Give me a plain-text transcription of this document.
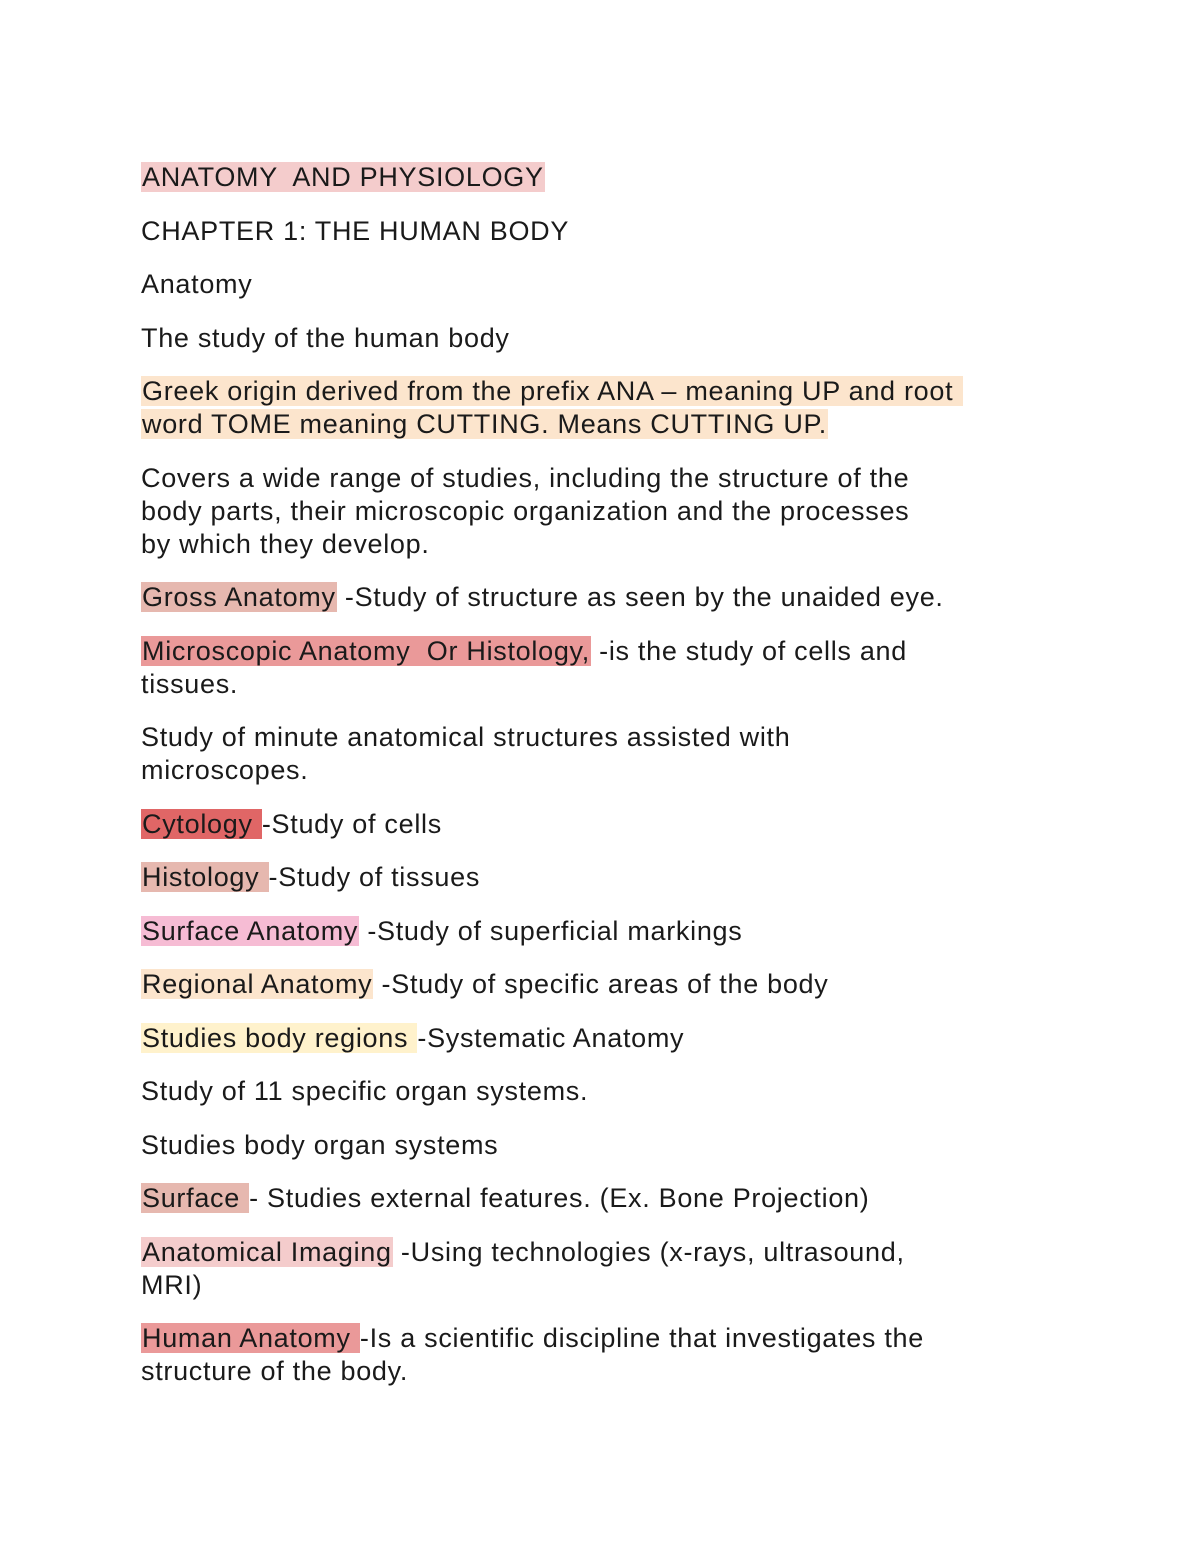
ANATOMY  AND PHYSIOLOGY
CHAPTER 1: THE HUMAN BODY
Anatomy
The study of the human body
Greek origin derived from the prefix ANA – meaning UP and root
word TOME meaning CUTTING. Means CUTTING UP.
Covers a wide range of studies, including the structure of the
body parts, their microscopic organization and the processes
by which they develop.
Gross Anatomy -Study of structure as seen by the unaided eye.
Microscopic Anatomy  Or Histology, -is the study of cells and
tissues.
Study of minute anatomical structures assisted with
microscopes.
Cytology -Study of cells
Histology -Study of tissues
Surface Anatomy -Study of superficial markings
Regional Anatomy -Study of specific areas of the body
Studies body regions -Systematic Anatomy
Study of 11 specific organ systems.
Studies body organ systems
Surface - Studies external features. (Ex. Bone Projection)
Anatomical Imaging -Using technologies (x-rays, ultrasound,
MRI)
Human Anatomy -Is a scientific discipline that investigates the
structure of the body.
